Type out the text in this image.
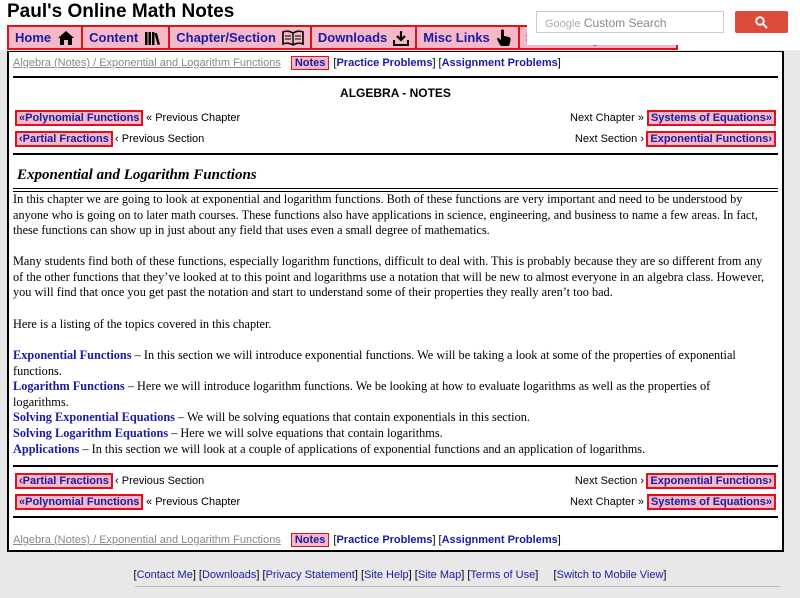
Paul's Online Math Notes
Home	Content	Chapter/Section	Downloads	Misc Links
Google Custom Search
Algebra (Notes) / Exponential and Logarithm Functions	Notes [ Practice Problems ] [ Assignment Problems ]
ALGEBRA - NOTES
«Polynomial Functions « Previous Chapter	Next Chapter » Systems of Equations»
‹Partial Fractions ‹ Previous Section	Next Section › Exponential Functions›
Exponential and Logarithm Functions
In this chapter we are going to look at exponential and logarithm functions. Both of these functions are very important and need to be understood by anyone who is going on to later math courses. These functions also have applications in science, engineering, and business to name a few areas. In fact, these functions can show up in just about any field that uses even a small degree of mathematics.
Many students find both of these functions, especially logarithm functions, difficult to deal with. This is probably because they are so different from any of the other functions that they’ve looked at to this point and logarithms use a notation that will be new to almost everyone in an algebra class. However, you will find that once you get past the notation and start to understand some of their properties they really aren’t too bad.
Here is a listing of the topics covered in this chapter.
Exponential Functions – In this section we will introduce exponential functions. We will be taking a look at some of the properties of exponential functions.
Logarithm Functions – Here we will introduce logarithm functions. We be looking at how to evaluate logarithms as well as the properties of logarithms.
Solving Exponential Equations – We will be solving equations that contain exponentials in this section.
Solving Logarithm Equations – Here we will solve equations that contain logarithms.
Applications – In this section we will look at a couple of applications of exponential functions and an application of logarithms.
‹Partial Fractions ‹ Previous Section	Next Section › Exponential Functions›
«Polynomial Functions « Previous Chapter	Next Chapter » Systems of Equations»
Algebra (Notes) / Exponential and Logarithm Functions	Notes [ Practice Problems ] [ Assignment Problems ]
[Contact Me] [Downloads] [Privacy Statement] [Site Help] [Site Map] [Terms of Use]     [Switch to Mobile View]
